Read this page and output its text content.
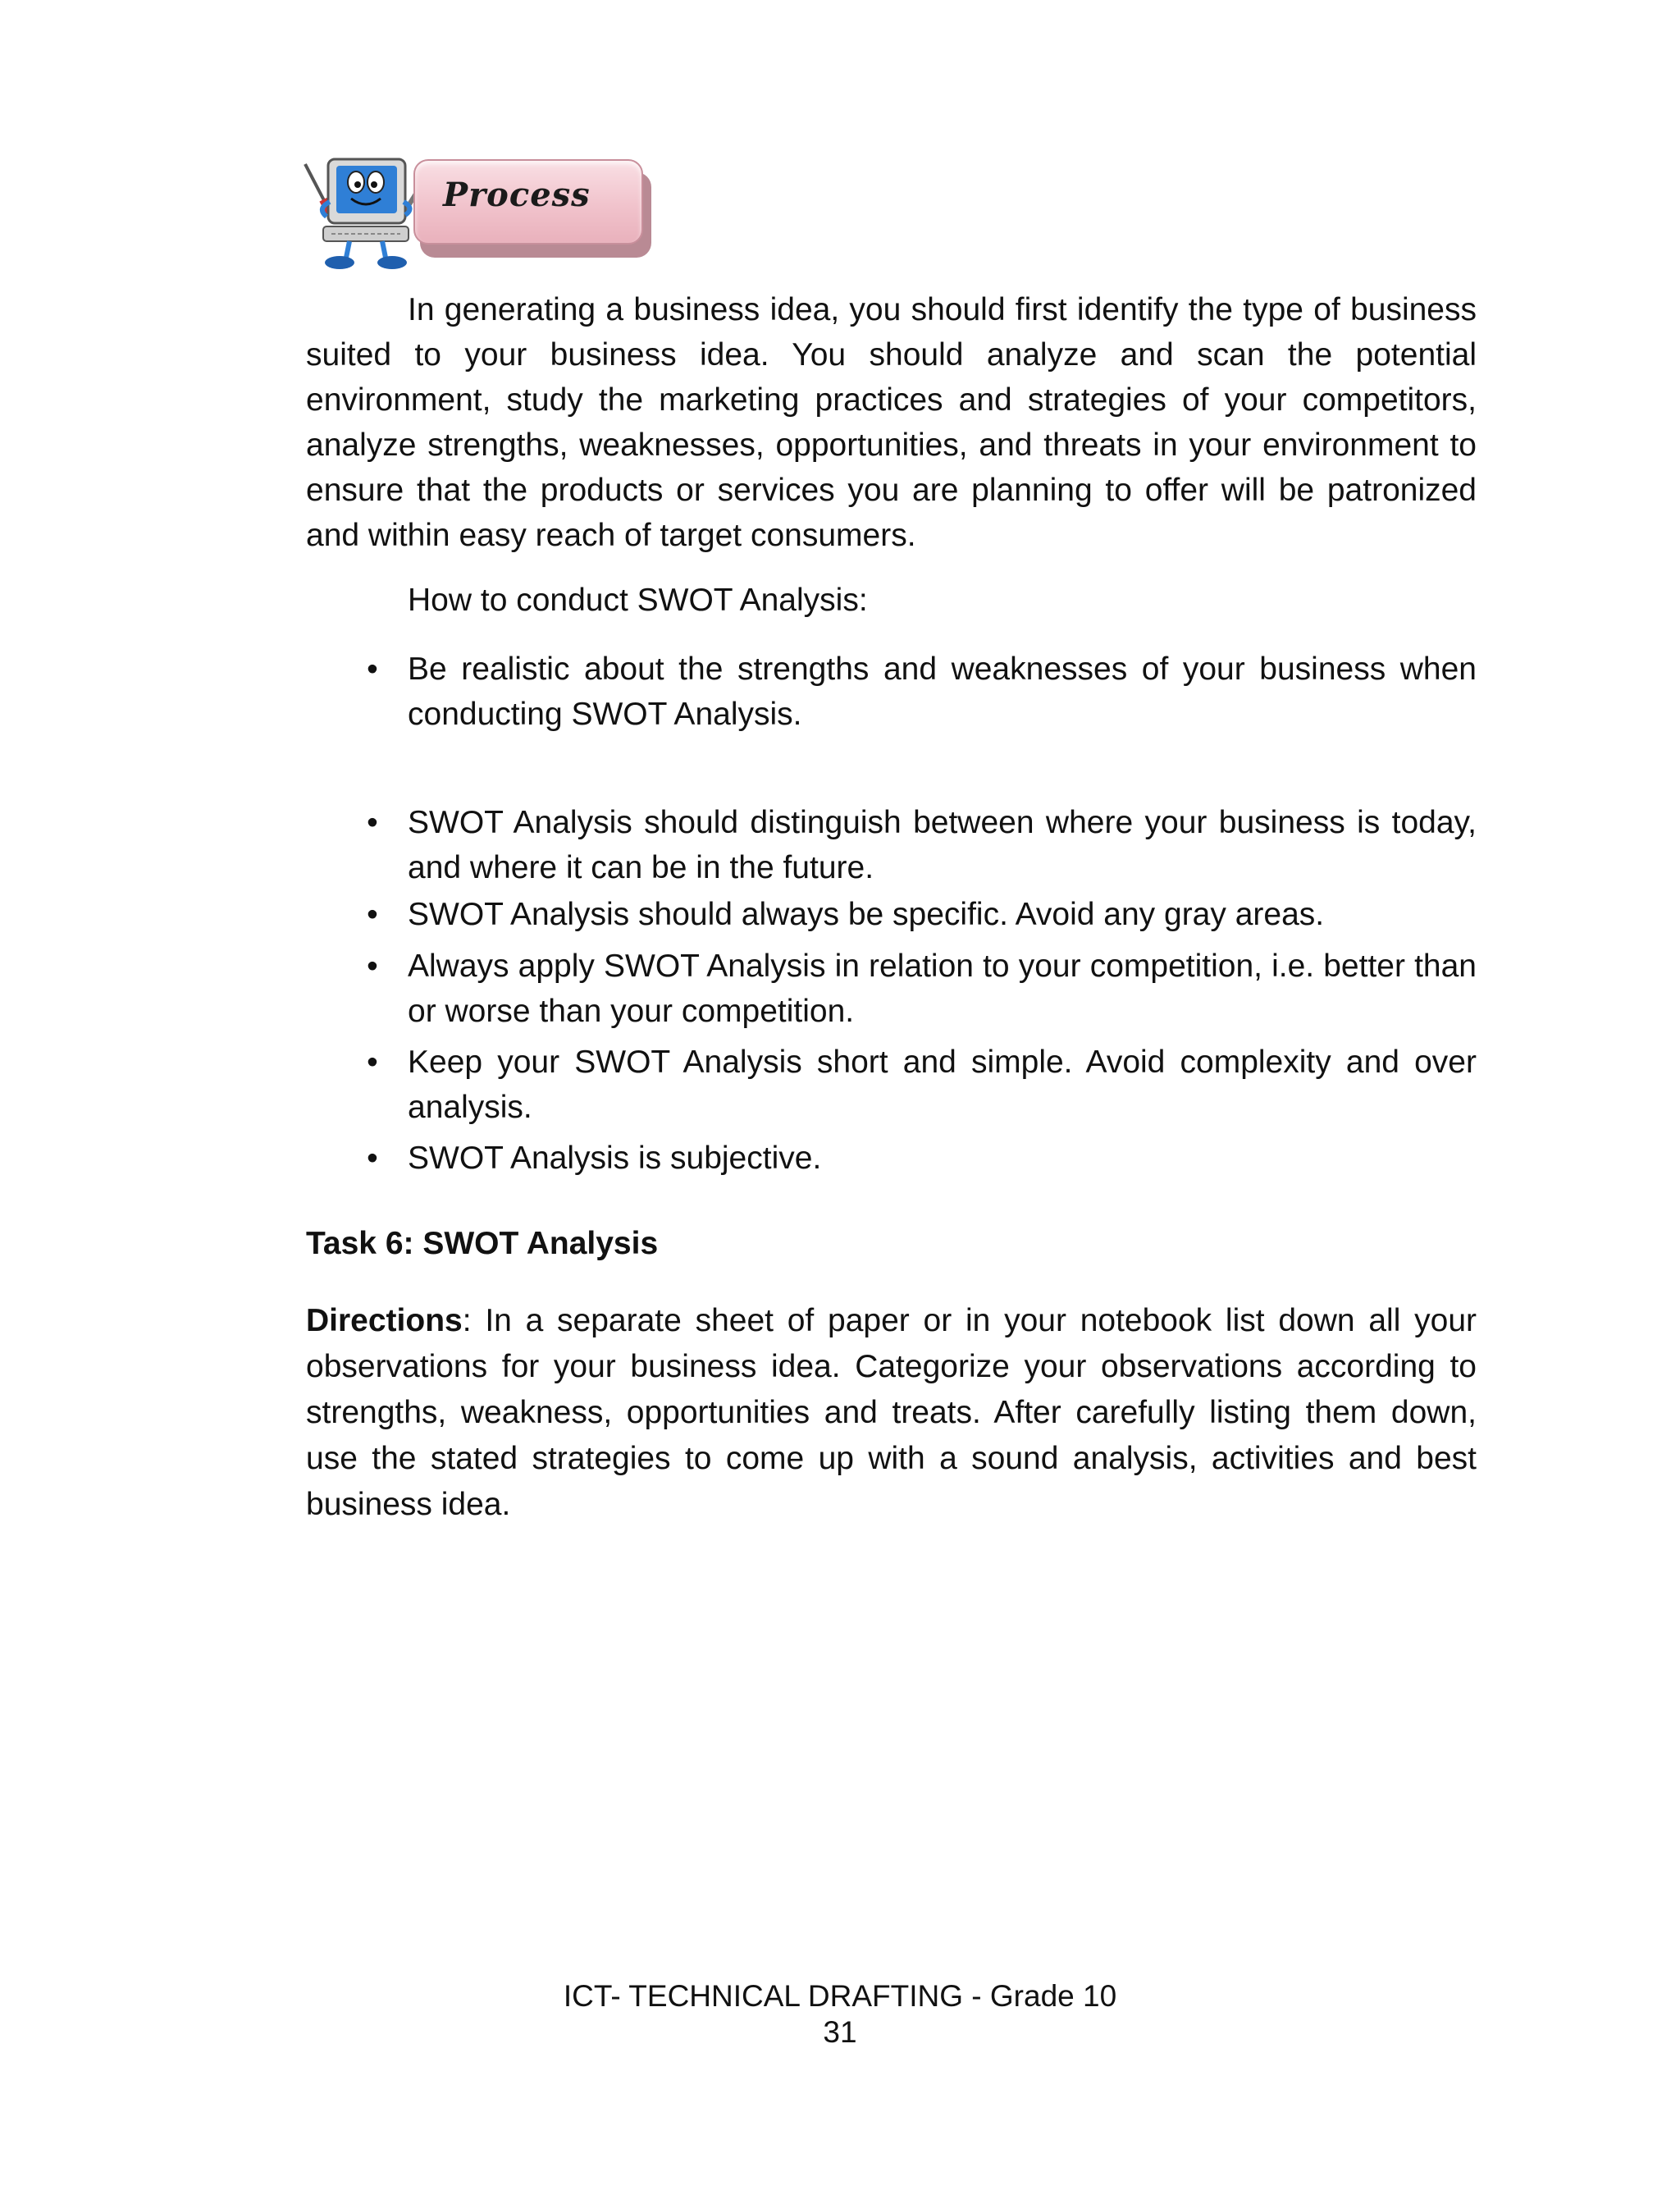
Process

In generating a business idea, you should first identify the type of business suited to your business idea. You should analyze and scan the potential environment, study the marketing practices and strategies of your competitors, analyze strengths, weaknesses, opportunities, and threats in your environment to ensure that the products or services you are planning to offer will be patronized and within easy reach of target consumers.

How to conduct SWOT Analysis:
• Be realistic about the strengths and weaknesses of your business when conducting SWOT Analysis.
• SWOT Analysis should distinguish between where your business is today, and where it can be in the future.
• SWOT Analysis should always be specific. Avoid any gray areas.
• Always apply SWOT Analysis in relation to your competition, i.e. better than or worse than your competition.
• Keep your SWOT Analysis short and simple. Avoid complexity and over analysis.
• SWOT Analysis is subjective.
Task 6: SWOT Analysis
Directions: In a separate sheet of paper or in your notebook list down all your observations for your business idea. Categorize your observations according to strengths, weakness, opportunities and treats. After carefully listing them down, use the stated strategies to come up with a sound analysis, activities and best business idea.
ICT- TECHNICAL DRAFTING - Grade 10
31
